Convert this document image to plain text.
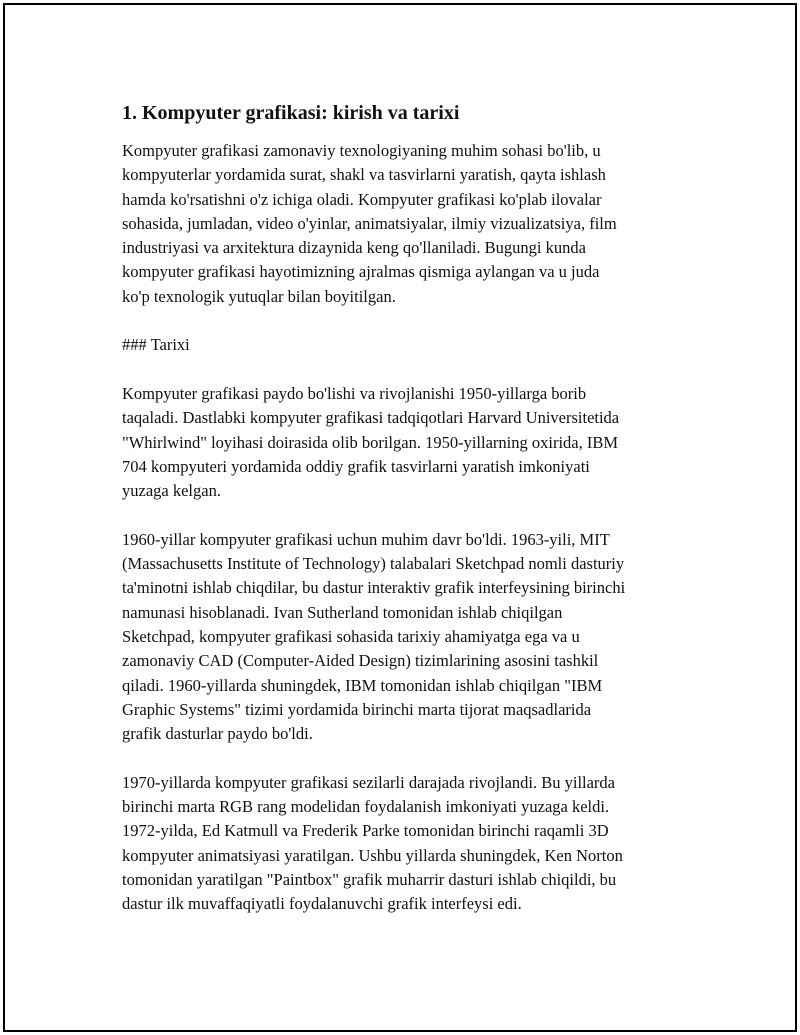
1. Kompyuter grafikasi: kirish va tarixi
Kompyuter grafikasi zamonaviy texnologiyaning muhim sohasi bo'lib, u
kompyuterlar yordamida surat, shakl va tasvirlarni yaratish, qayta ishlash
hamda ko'rsatishni o'z ichiga oladi. Kompyuter grafikasi ko'plab ilovalar
sohasida, jumladan, video o'yinlar, animatsiyalar, ilmiy vizualizatsiya, film
industriyasi va arxitektura dizaynida keng qo'llaniladi. Bugungi kunda
kompyuter grafikasi hayotimizning ajralmas qismiga aylangan va u juda
ko'p texnologik yutuqlar bilan boyitilgan.
### Tarixi
Kompyuter grafikasi paydo bo'lishi va rivojlanishi 1950-yillarga borib
taqaladi. Dastlabki kompyuter grafikasi tadqiqotlari Harvard Universitetida
"Whirlwind" loyihasi doirasida olib borilgan. 1950-yillarning oxirida, IBM
704 kompyuteri yordamida oddiy grafik tasvirlarni yaratish imkoniyati
yuzaga kelgan.
1960-yillar kompyuter grafikasi uchun muhim davr bo'ldi. 1963-yili, MIT
(Massachusetts Institute of Technology) talabalari Sketchpad nomli dasturiy
ta'minotni ishlab chiqdilar, bu dastur interaktiv grafik interfeysining birinchi
namunasi hisoblanadi. Ivan Sutherland tomonidan ishlab chiqilgan
Sketchpad, kompyuter grafikasi sohasida tarixiy ahamiyatga ega va u
zamonaviy CAD (Computer-Aided Design) tizimlarining asosini tashkil
qiladi. 1960-yillarda shuningdek, IBM tomonidan ishlab chiqilgan "IBM
Graphic Systems" tizimi yordamida birinchi marta tijorat maqsadlarida
grafik dasturlar paydo bo'ldi.
1970-yillarda kompyuter grafikasi sezilarli darajada rivojlandi. Bu yillarda
birinchi marta RGB rang modelidan foydalanish imkoniyati yuzaga keldi.
1972-yilda, Ed Katmull va Frederik Parke tomonidan birinchi raqamli 3D
kompyuter animatsiyasi yaratilgan. Ushbu yillarda shuningdek, Ken Norton
tomonidan yaratilgan "Paintbox" grafik muharrir dasturi ishlab chiqildi, bu
dastur ilk muvaffaqiyatli foydalanuvchi grafik interfeysi edi.
